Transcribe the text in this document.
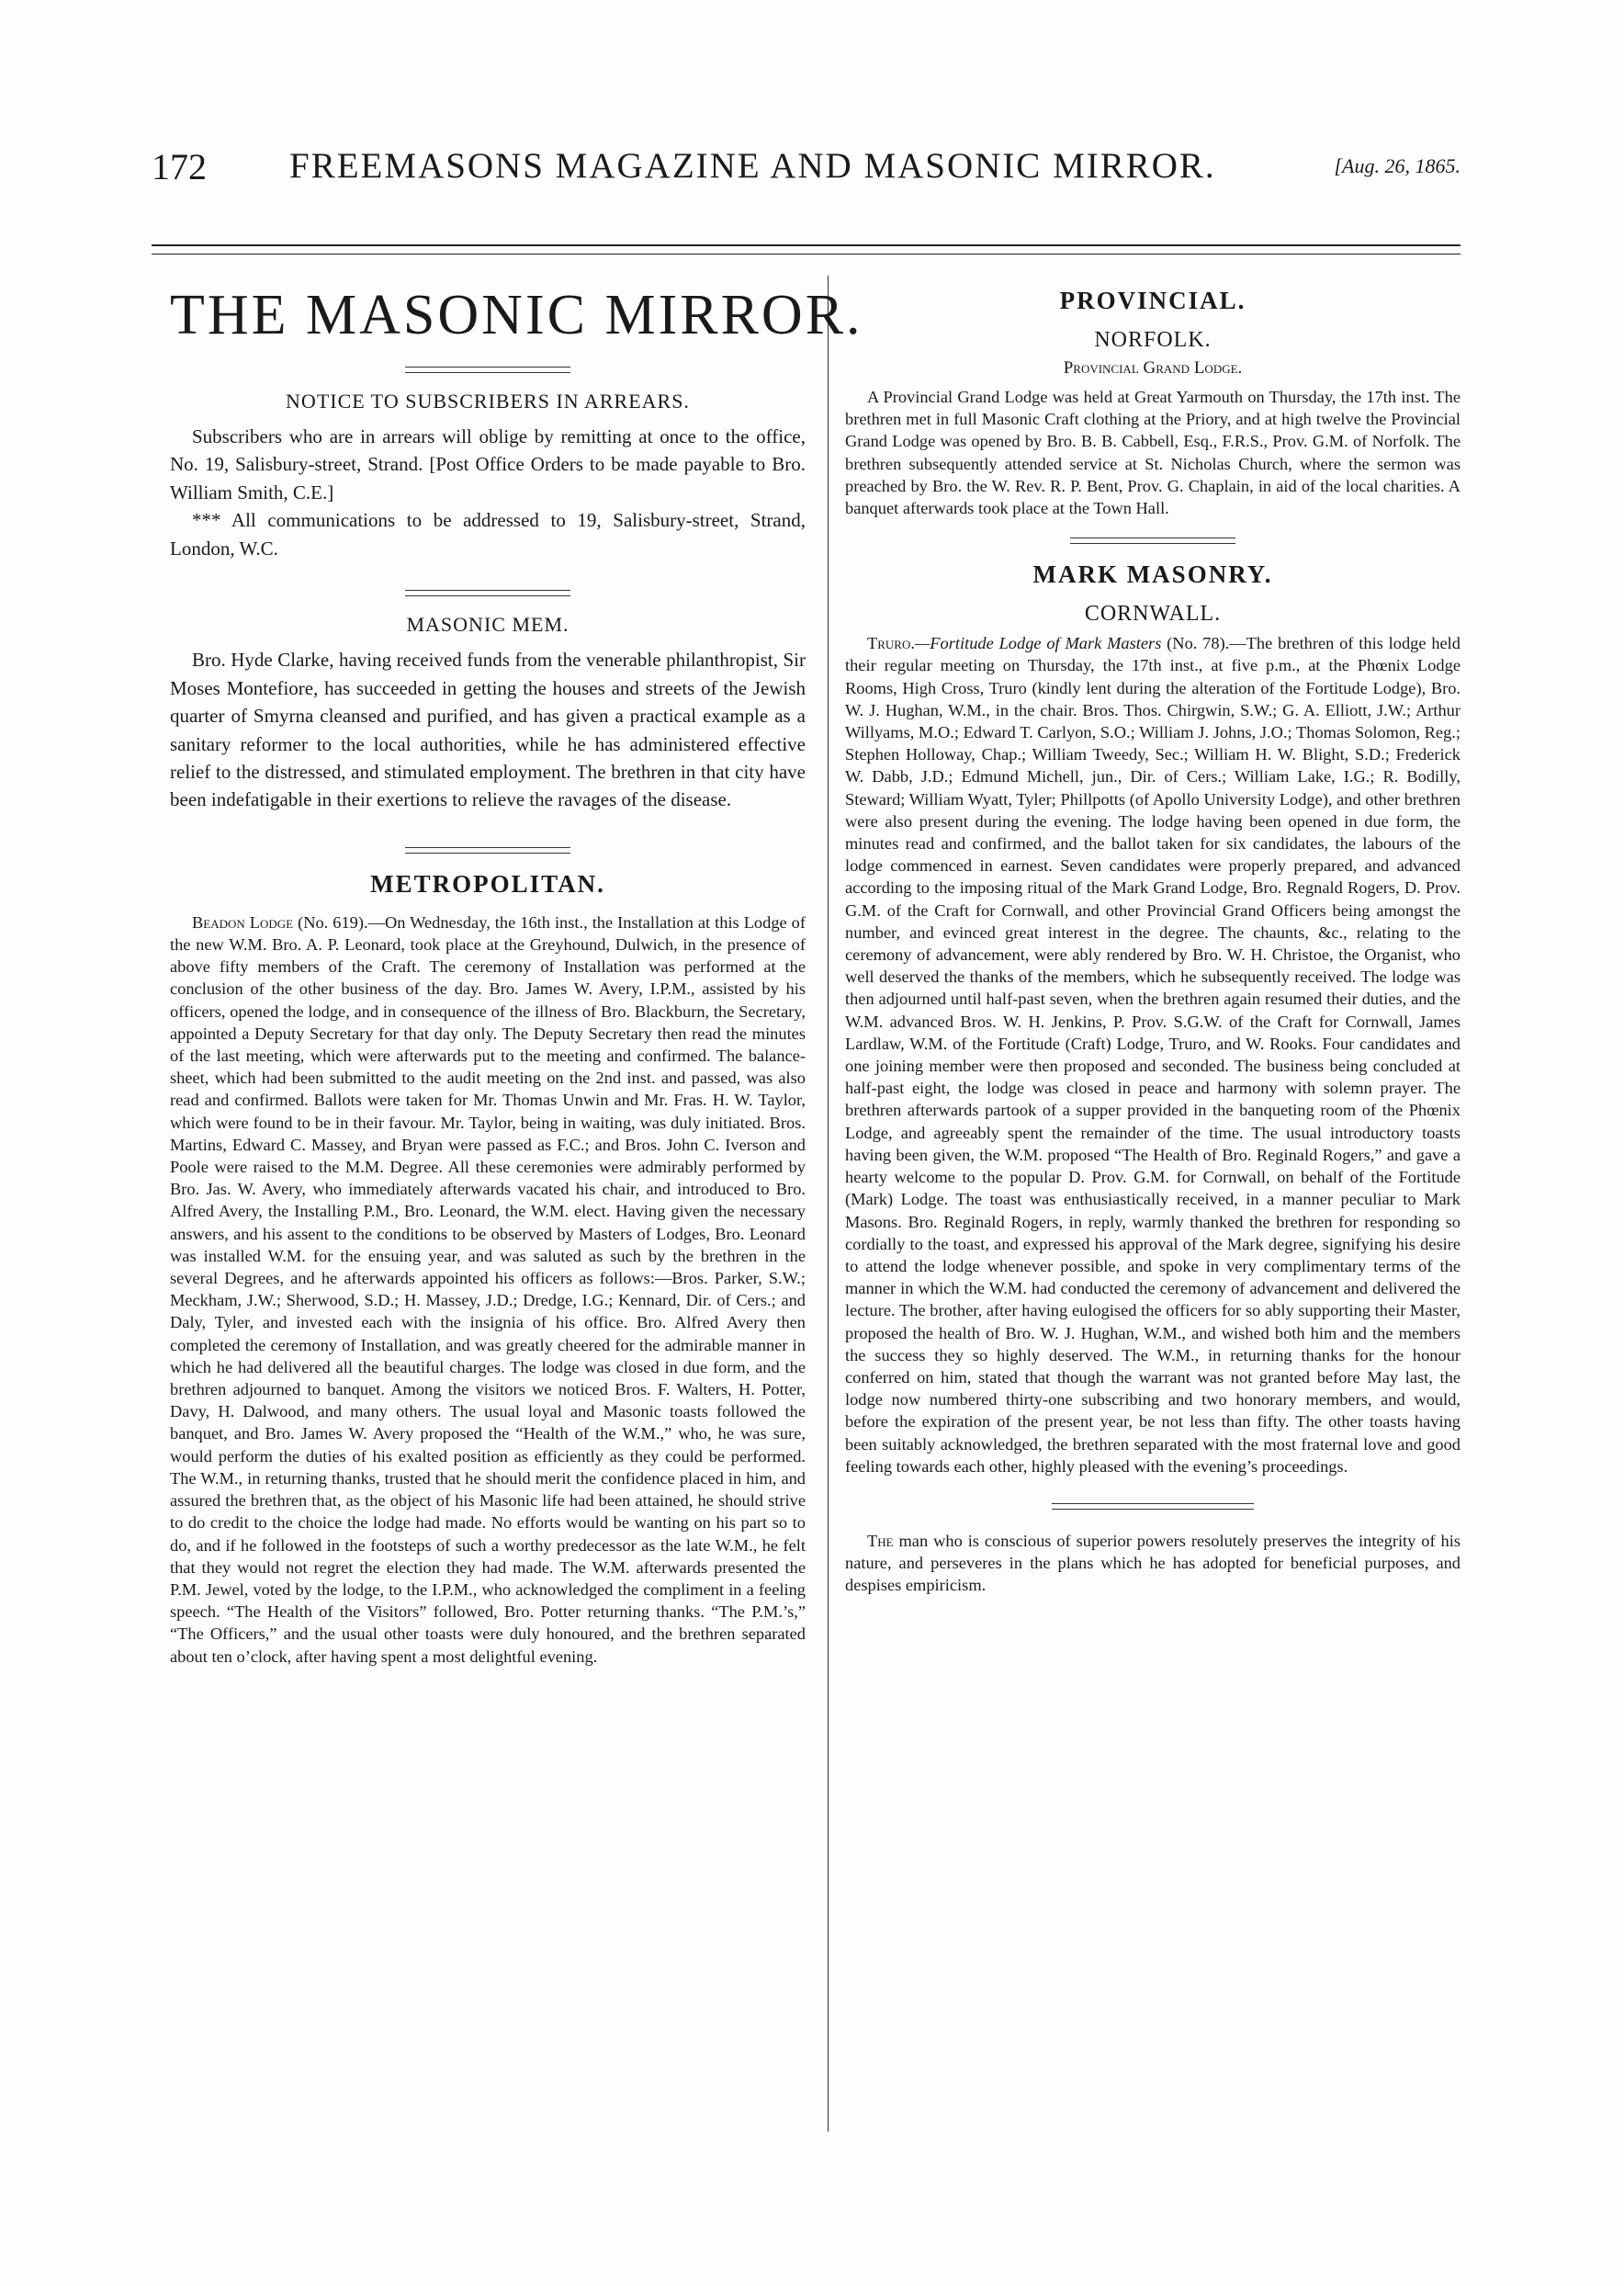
172 FREEMASONS MAGAZINE AND MASONIC MIRROR.	[Aug. 26, 1865.
THE MASONIC MIRROR.
NOTICE TO SUBSCRIBERS IN ARREARS.

Subscribers who are in arrears will oblige by remitting at once to the office, No. 19, Salisbury-street, Strand. [Post Office Orders to be made payable to Bro. William Smith, C.E.]

*** All communications to be addressed to 19, Salisbury-street, Strand, London, W.C.

MASONIC MEM.

Bro. Hyde Clarke, having received funds from the venerable philanthropist, Sir Moses Montefiore, has succeeded in getting the houses and streets of the Jewish quarter of Smyrna cleansed and purified, and has given a practical example as a sanitary reformer to the local authorities, while he has administered effective relief to the distressed, and stimulated employment. The brethren in that city have been indefatigable in their exertions to relieve the ravages of the disease.

METROPOLITAN.

Beadon Lodge (No. 619).—On Wednesday, the 16th inst., the Installation at this Lodge of the new W.M. Bro. A. P. Leonard, took place at the Greyhound, Dulwich, in the presence of above fifty members of the Craft. The ceremony of Installation was performed at the conclusion of the other business of the day. Bro. James W. Avery, I.P.M., assisted by his officers, opened the lodge, and in consequence of the illness of Bro. Blackburn, the Secretary, appointed a Deputy Secretary for that day only. The Deputy Secretary then read the minutes of the last meeting, which were afterwards put to the meeting and confirmed. The balance-sheet, which had been submitted to the audit meeting on the 2nd inst. and passed, was also read and confirmed. Ballots were taken for Mr. Thomas Unwin and Mr. Fras. H. W. Taylor, which were found to be in their favour. Mr. Taylor, being in waiting, was duly initiated. Bros. Martins, Edward C. Massey, and Bryan were passed as F.C.; and Bros. John C. Iverson and Poole were raised to the M.M. Degree. All these ceremonies were admirably performed by Bro. Jas. W. Avery, who immediately afterwards vacated his chair, and introduced to Bro. Alfred Avery, the Installing P.M., Bro. Leonard, the W.M. elect. Having given the necessary answers, and his assent to the conditions to be observed by Masters of Lodges, Bro. Leonard was installed W.M. for the ensuing year, and was saluted as such by the brethren in the several Degrees, and he afterwards appointed his officers as follows:—Bros. Parker, S.W.; Meckham, J.W.; Sherwood, S.D.; H. Massey, J.D.; Dredge, I.G.; Kennard, Dir. of Cers.; and Daly, Tyler, and invested each with the insignia of his office. Bro. Alfred Avery then completed the ceremony of Installation, and was greatly cheered for the admirable manner in which he had delivered all the beautiful charges. The lodge was closed in due form, and the brethren adjourned to banquet. Among the visitors we noticed Bros. F. Walters, H. Potter, Davy, H. Dalwood, and many others. The usual loyal and Masonic toasts followed the banquet, and Bro. James W. Avery proposed the “Health of the W.M.,” who, he was sure, would perform the duties of his exalted position as efficiently as they could be performed. The W.M., in returning thanks, trusted that he should merit the confidence placed in him, and assured the brethren that, as the object of his Masonic life had been attained, he should strive to do credit to the choice the lodge had made. No efforts would be wanting on his part so to do, and if he followed in the footsteps of such a worthy predecessor as the late W.M., he felt that they would not regret the election they had made. The W.M. afterwards presented the P.M. Jewel, voted by the lodge, to the I.P.M., who acknowledged the compliment in a feeling speech. “The Health of the Visitors” followed, Bro. Potter returning thanks. “The P.M.’s,” “The Officers,” and the usual other toasts were duly honoured, and the brethren separated about ten o’clock, after having spent a most delightful evening.

PROVINCIAL.
NORFOLK.
Provincial Grand Lodge.

A Provincial Grand Lodge was held at Great Yarmouth on Thursday, the 17th inst. The brethren met in full Masonic Craft clothing at the Priory, and at high twelve the Provincial Grand Lodge was opened by Bro. B. B. Cabbell, Esq., F.R.S., Prov. G.M. of Norfolk. The brethren subsequently attended service at St. Nicholas Church, where the sermon was preached by Bro. the W. Rev. R. P. Bent, Prov. G. Chaplain, in aid of the local charities. A banquet afterwards took place at the Town Hall.

MARK MASONRY.
CORNWALL.

Truro.—Fortitude Lodge of Mark Masters (No. 78).—The brethren of this lodge held their regular meeting on Thursday, the 17th inst., at five p.m., at the Phœnix Lodge Rooms, High Cross, Truro (kindly lent during the alteration of the Fortitude Lodge), Bro. W. J. Hughan, W.M., in the chair. Bros. Thos. Chirgwin, S.W.; G. A. Elliott, J.W.; Arthur Willyams, M.O.; Edward T. Carlyon, S.O.; William J. Johns, J.O.; Thomas Solomon, Reg.; Stephen Holloway, Chap.; William Tweedy, Sec.; William H. W. Blight, S.D.; Frederick W. Dabb, J.D.; Edmund Michell, jun., Dir. of Cers.; William Lake, I.G.; R. Bodilly, Steward; William Wyatt, Tyler; Phillpotts (of Apollo University Lodge), and other brethren were also present during the evening. The lodge having been opened in due form, the minutes read and confirmed, and the ballot taken for six candidates, the labours of the lodge commenced in earnest. Seven candidates were properly prepared, and advanced according to the imposing ritual of the Mark Grand Lodge, Bro. Regnald Rogers, D. Prov. G.M. of the Craft for Cornwall, and other Provincial Grand Officers being amongst the number, and evinced great interest in the degree. The chaunts, &c., relating to the ceremony of advancement, were ably rendered by Bro. W. H. Christoe, the Organist, who well deserved the thanks of the members, which he subsequently received. The lodge was then adjourned until half-past seven, when the brethren again resumed their duties, and the W.M. advanced Bros. W. H. Jenkins, P. Prov. S.G.W. of the Craft for Cornwall, James Lardlaw, W.M. of the Fortitude (Craft) Lodge, Truro, and W. Rooks. Four candidates and one joining member were then proposed and seconded. The business being concluded at half-past eight, the lodge was closed in peace and harmony with solemn prayer. The brethren afterwards partook of a supper provided in the banqueting room of the Phœnix Lodge, and agreeably spent the remainder of the time. The usual introductory toasts having been given, the W.M. proposed “The Health of Bro. Reginald Rogers,” and gave a hearty welcome to the popular D. Prov. G.M. for Cornwall, on behalf of the Fortitude (Mark) Lodge. The toast was enthusiastically received, in a manner peculiar to Mark Masons. Bro. Reginald Rogers, in reply, warmly thanked the brethren for responding so cordially to the toast, and expressed his approval of the Mark degree, signifying his desire to attend the lodge whenever possible, and spoke in very complimentary terms of the manner in which the W.M. had conducted the ceremony of advancement and delivered the lecture. The brother, after having eulogised the officers for so ably supporting their Master, proposed the health of Bro. W. J. Hughan, W.M., and wished both him and the members the success they so highly deserved. The W.M., in returning thanks for the honour conferred on him, stated that though the warrant was not granted before May last, the lodge now numbered thirty-one subscribing and two honorary members, and would, before the expiration of the present year, be not less than fifty. The other toasts having been suitably acknowledged, the brethren separated with the most fraternal love and good feeling towards each other, highly pleased with the evening’s proceedings.

The man who is conscious of superior powers resolutely preserves the integrity of his nature, and perseveres in the plans which he has adopted for beneficial purposes, and despises empiricism.
